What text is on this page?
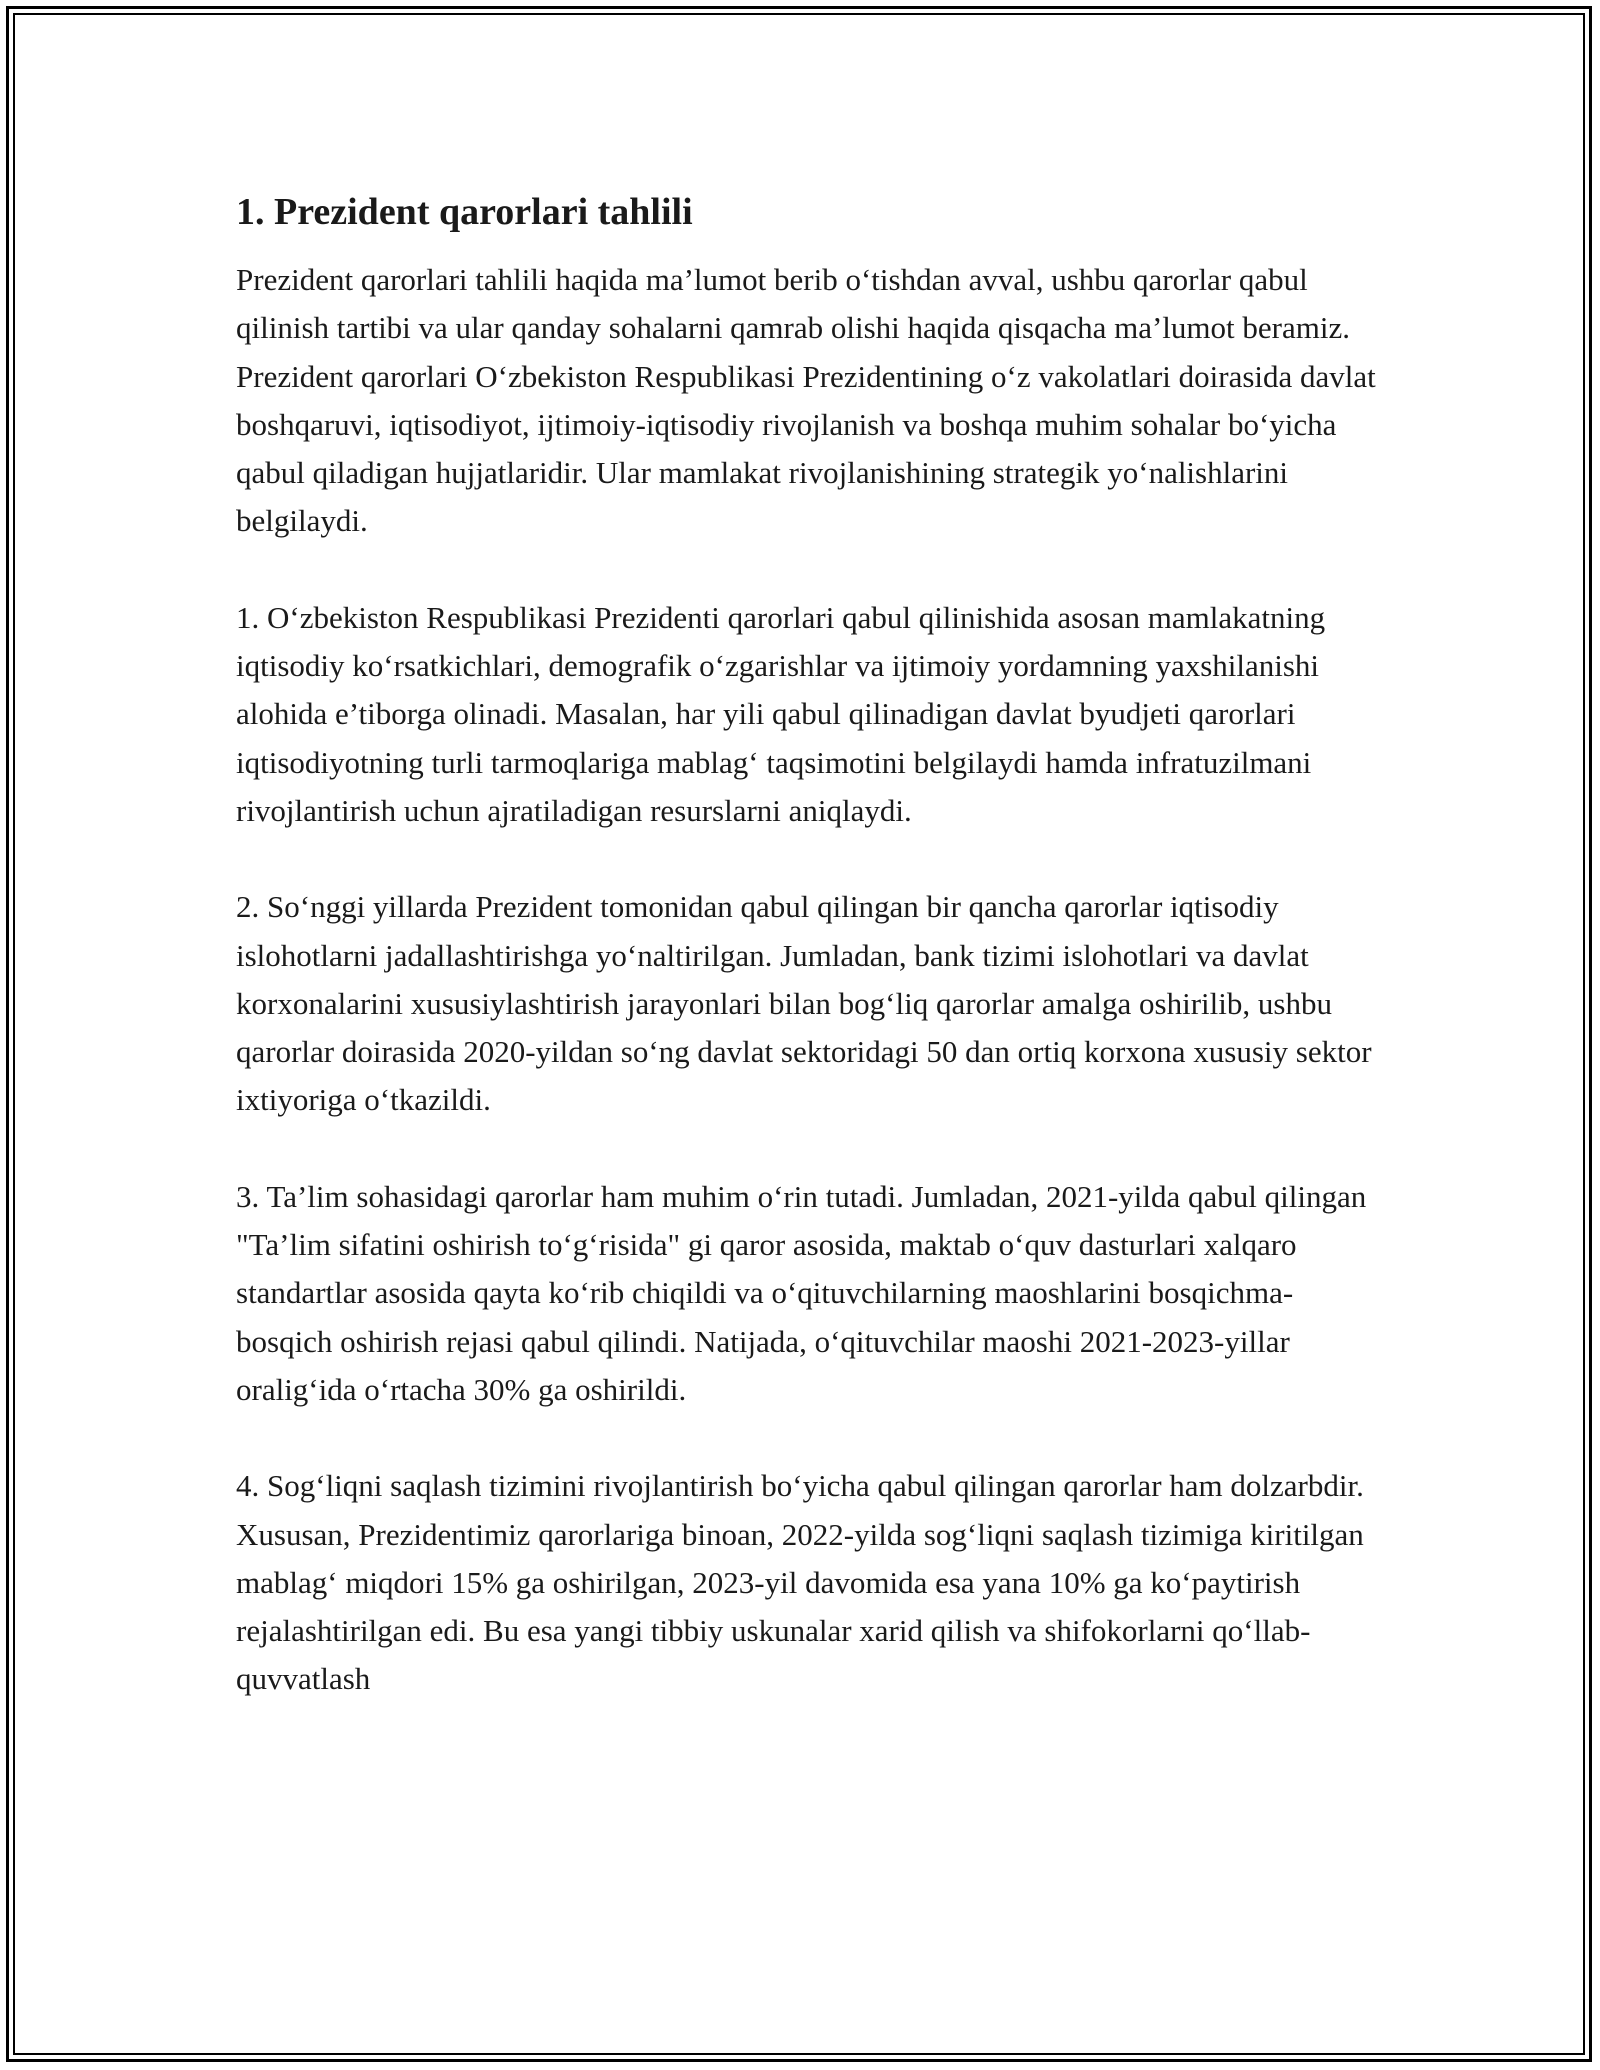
1. Prezident qarorlari tahlili

Prezident qarorlari tahlili haqida ma’lumot berib o‘tishdan avval, ushbu qarorlar qabul qilinish tartibi va ular qanday sohalarni qamrab olishi haqida qisqacha ma’lumot beramiz. Prezident qarorlari O‘zbekiston Respublikasi Prezidentining o‘z vakolatlari doirasida davlat boshqaruvi, iqtisodiyot, ijtimoiy-iqtisodiy rivojlanish va boshqa muhim sohalar bo‘yicha qabul qiladigan hujjatlaridir. Ular mamlakat rivojlanishining strategik yo‘nalishlarini belgilaydi.

1. O‘zbekiston Respublikasi Prezidenti qarorlari qabul qilinishida asosan mamlakatning iqtisodiy ko‘rsatkichlari, demografik o‘zgarishlar va ijtimoiy yordamning yaxshilanishi alohida e’tiborga olinadi. Masalan, har yili qabul qilinadigan davlat byudjeti qarorlari iqtisodiyotning turli tarmoqlariga mablag‘ taqsimotini belgilaydi hamda infratuzilmani rivojlantirish uchun ajratiladigan resurslarni aniqlaydi.

2. So‘nggi yillarda Prezident tomonidan qabul qilingan bir qancha qarorlar iqtisodiy islohotlarni jadallashtirishga yo‘naltirilgan. Jumladan, bank tizimi islohotlari va davlat korxonalarini xususiylashtirish jarayonlari bilan bog‘liq qarorlar amalga oshirilib, ushbu qarorlar doirasida 2020-yildan so‘ng davlat sektoridagi 50 dan ortiq korxona xususiy sektor ixtiyoriga o‘tkazildi.

3. Ta’lim sohasidagi qarorlar ham muhim o‘rin tutadi. Jumladan, 2021-yilda qabul qilingan "Ta’lim sifatini oshirish to‘g‘risida" gi qaror asosida, maktab o‘quv dasturlari xalqaro standartlar asosida qayta ko‘rib chiqildi va o‘qituvchilarning maoshlarini bosqichma-bosqich oshirish rejasi qabul qilindi. Natijada, o‘qituvchilar maoshi 2021-2023-yillar oralig‘ida o‘rtacha 30% ga oshirildi.

4. Sog‘liqni saqlash tizimini rivojlantirish bo‘yicha qabul qilingan qarorlar ham dolzarbdir. Xususan, Prezidentimiz qarorlariga binoan, 2022-yilda sog‘liqni saqlash tizimiga kiritilgan mablag‘ miqdori 15% ga oshirilgan, 2023-yil davomida esa yana 10% ga ko‘paytirish rejalashtirilgan edi. Bu esa yangi tibbiy uskunalar xarid qilish va shifokorlarni qo‘llab-quvvatlash
